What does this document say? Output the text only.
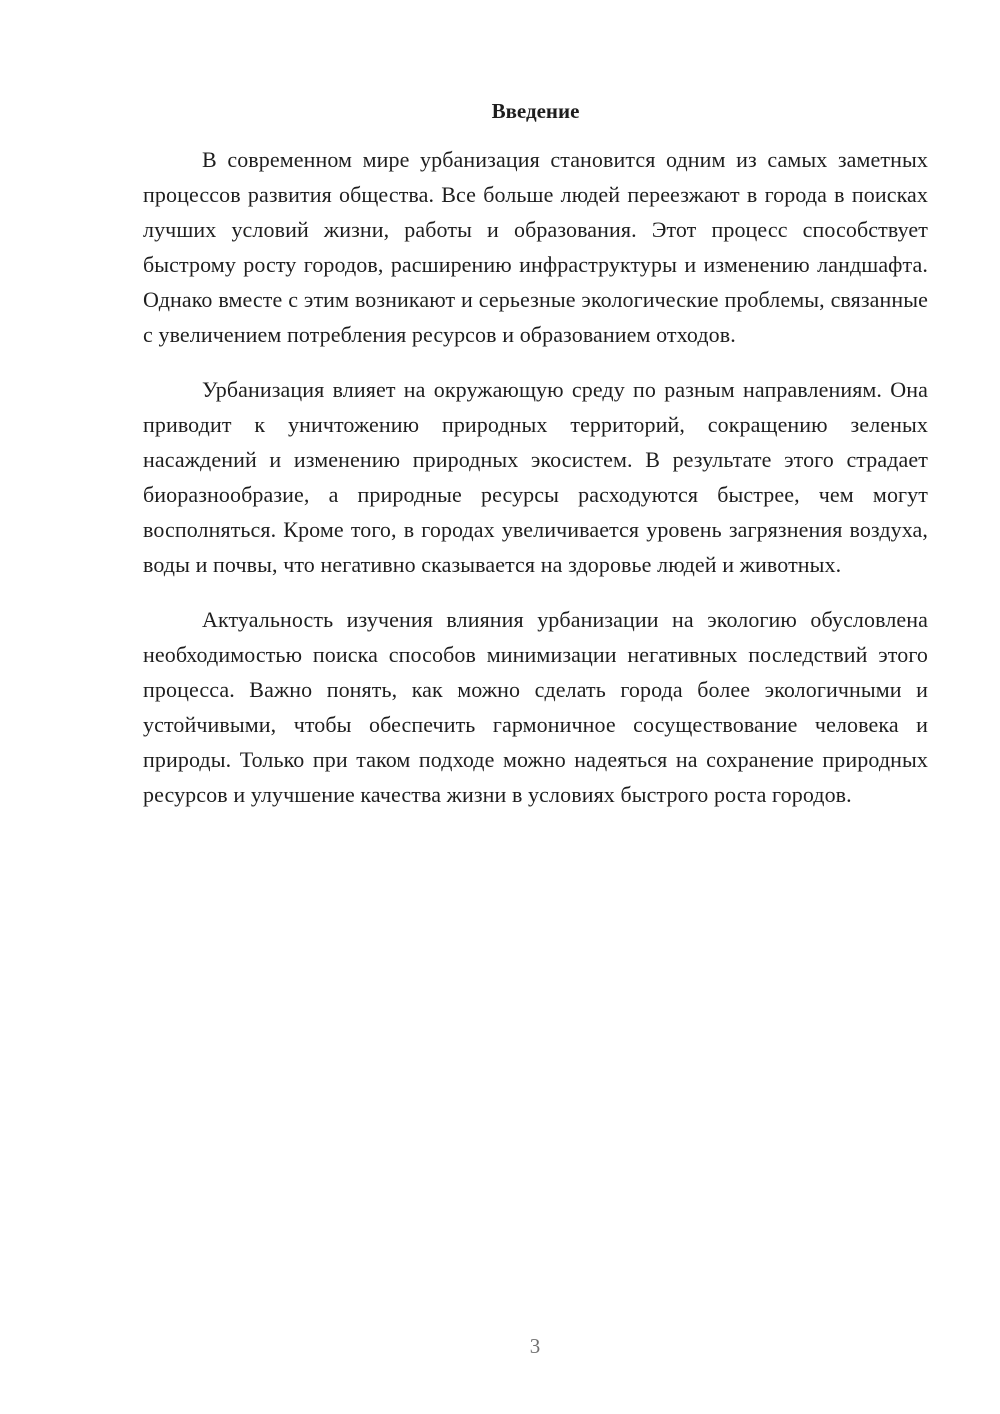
Введение

В современном мире урбанизация становится одним из самых заметных процессов развития общества. Все больше людей переезжают в города в поисках лучших условий жизни, работы и образования. Этот процесс способствует быстрому росту городов, расширению инфраструктуры и изменению ландшафта. Однако вместе с этим возникают и серьезные экологические проблемы, связанные с увеличением потребления ресурсов и образованием отходов.

Урбанизация влияет на окружающую среду по разным направлениям. Она приводит к уничтожению природных территорий, сокращению зеленых насаждений и изменению природных экосистем. В результате этого страдает биоразнообразие, а природные ресурсы расходуются быстрее, чем могут восполняться. Кроме того, в городах увеличивается уровень загрязнения воздуха, воды и почвы, что негативно сказывается на здоровье людей и животных.

Актуальность изучения влияния урбанизации на экологию обусловлена необходимостью поиска способов минимизации негативных последствий этого процесса. Важно понять, как можно сделать города более экологичными и устойчивыми, чтобы обеспечить гармоничное сосуществование человека и природы. Только при таком подходе можно надеяться на сохранение природных ресурсов и улучшение качества жизни в условиях быстрого роста городов.

3
